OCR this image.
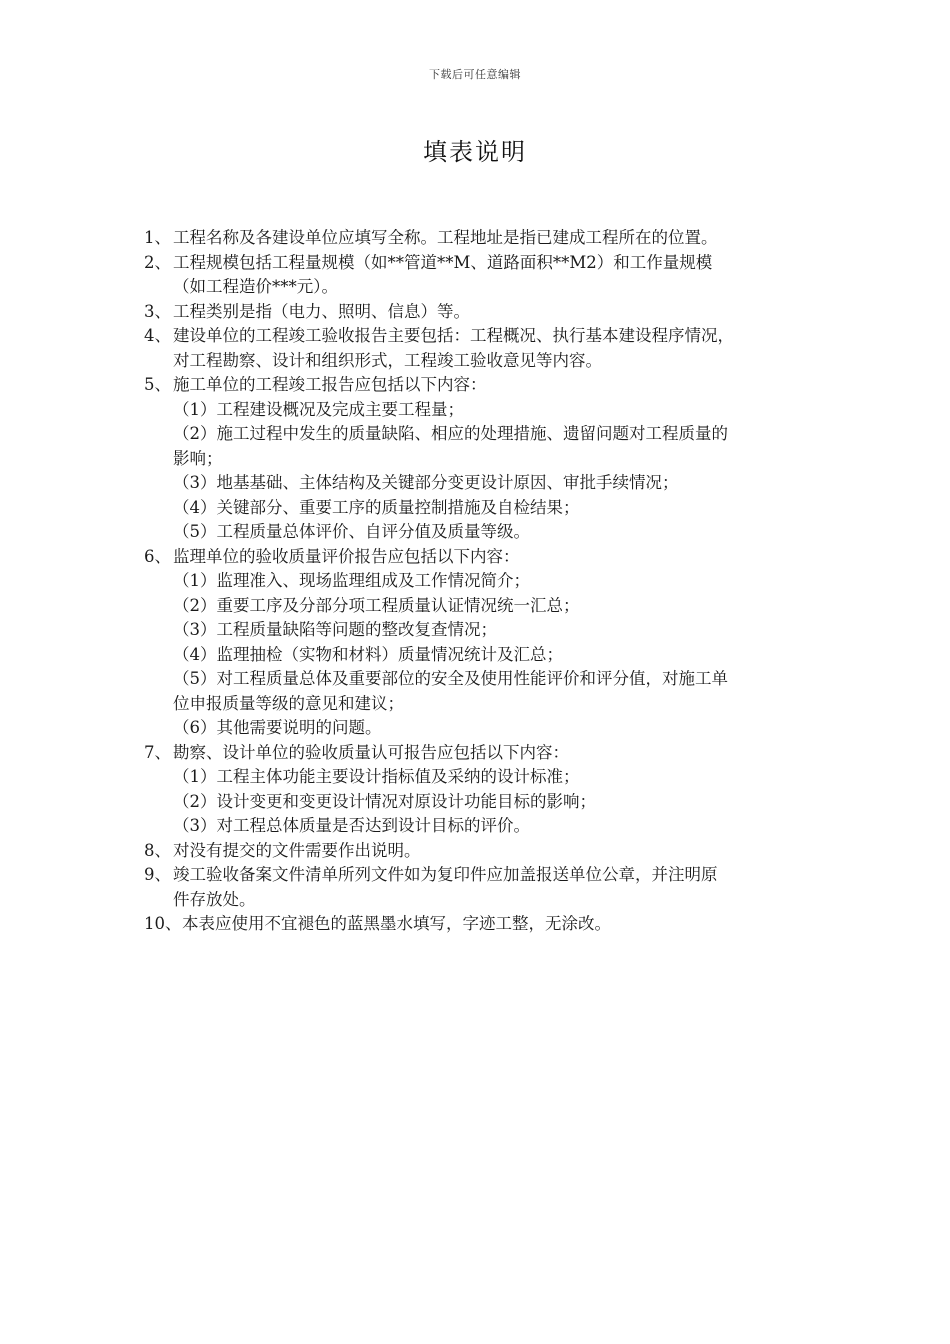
下载后可任意编辑
填表说明
1、 工程名称及各建设单位应填写全称。工程地址是指已建成工程所在的位置。
2、 工程规模包括工程量规模（如**管道**M、道路面积**M2）和工作量规模
（如工程造价***元）。
3、 工程类别是指（电力、照明、信息）等。
4、 建设单位的工程竣工验收报告主要包括：工程概况、执行基本建设程序情况，
对工程勘察、设计和组织形式，工程竣工验收意见等内容。
5、 施工单位的工程竣工报告应包括以下内容：
（1）工程建设概况及完成主要工程量；
（2）施工过程中发生的质量缺陷、相应的处理措施、遗留问题对工程质量的
影响；
（3）地基基础、主体结构及关键部分变更设计原因、审批手续情况；
（4）关键部分、重要工序的质量控制措施及自检结果；
（5）工程质量总体评价、自评分值及质量等级。
6、 监理单位的验收质量评价报告应包括以下内容：
（1）监理准入、现场监理组成及工作情况简介；
（2）重要工序及分部分项工程质量认证情况统一汇总；
（3）工程质量缺陷等问题的整改复查情况；
（4）监理抽检（实物和材料）质量情况统计及汇总；
（5）对工程质量总体及重要部位的安全及使用性能评价和评分值，对施工单
位申报质量等级的意见和建议；
（6）其他需要说明的问题。
7、 勘察、设计单位的验收质量认可报告应包括以下内容：
（1）工程主体功能主要设计指标值及采纳的设计标准；
（2）设计变更和变更设计情况对原设计功能目标的影响；
（3）对工程总体质量是否达到设计目标的评价。
8、 对没有提交的文件需要作出说明。
9、 竣工验收备案文件清单所列文件如为复印件应加盖报送单位公章，并注明原
件存放处。
10、 本表应使用不宜褪色的蓝黑墨水填写，字迹工整，无涂改。
